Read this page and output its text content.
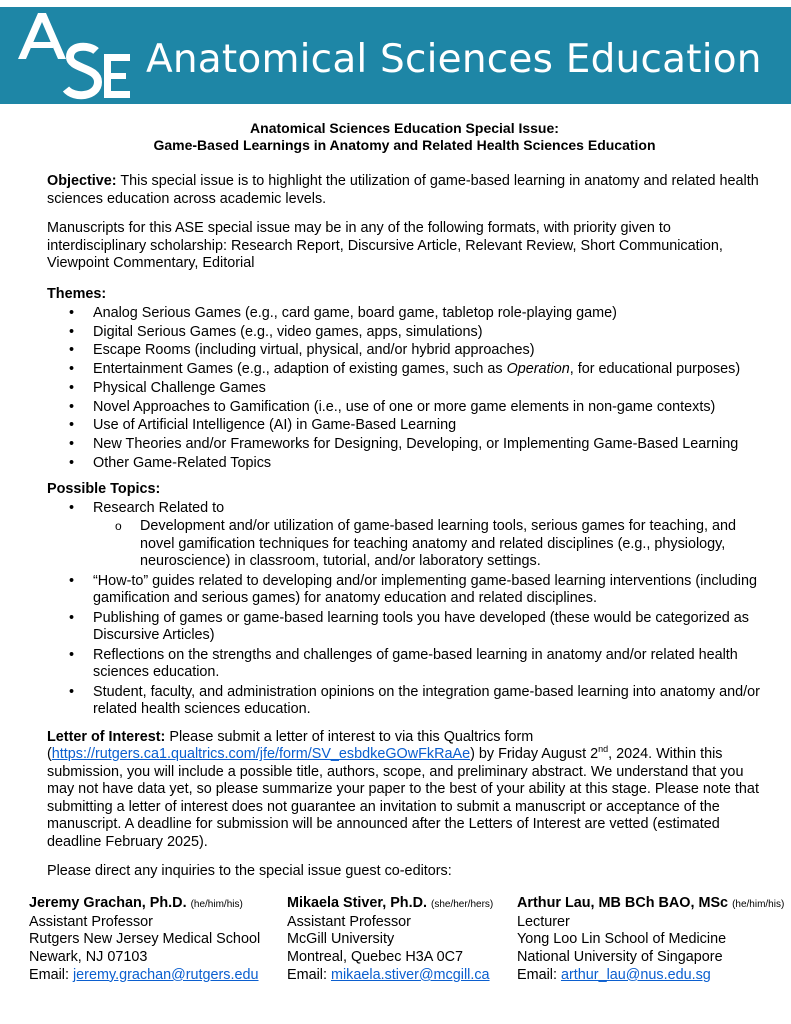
Anatomical Sciences Education
Anatomical Sciences Education Special Issue:
Game-Based Learnings in Anatomy and Related Health Sciences Education

Objective: This special issue is to highlight the utilization of game-based learning in anatomy and related health sciences education across academic levels.

Manuscripts for this ASE special issue may be in any of the following formats, with priority given to interdisciplinary scholarship: Research Report, Discursive Article, Relevant Review, Short Communication, Viewpoint Commentary, Editorial

Themes:

• Analog Serious Games (e.g., card game, board game, tabletop role-playing game)
• Digital Serious Games (e.g., video games, apps, simulations)
• Escape Rooms (including virtual, physical, and/or hybrid approaches)
• Entertainment Games (e.g., adaption of existing games, such as Operation, for educational purposes)
• Physical Challenge Games
• Novel Approaches to Gamification (i.e., use of one or more game elements in non-game contexts)
• Use of Artificial Intelligence (AI) in Game-Based Learning
• New Theories and/or Frameworks for Designing, Developing, or Implementing Game-Based Learning
• Other Game-Related Topics

Possible Topics:

• Research Related to
o Development and/or utilization of game-based learning tools, serious games for teaching, and novel gamification techniques for teaching anatomy and related disciplines (e.g., physiology, neuroscience) in classroom, tutorial, and/or laboratory settings.
• “How-to” guides related to developing and/or implementing game-based learning interventions (including gamification and serious games) for anatomy education and related disciplines.
• Publishing of games or game-based learning tools you have developed (these would be categorized as Discursive Articles)
• Reflections on the strengths and challenges of game-based learning in anatomy and/or related health sciences education.
• Student, faculty, and administration opinions on the integration game-based learning into anatomy and/or related health sciences education.

Letter of Interest: Please submit a letter of interest to via this Qualtrics form (https://rutgers.ca1.qualtrics.com/jfe/form/SV_esbdkeGOwFkRaAe) by Friday August 2nd, 2024. Within this submission, you will include a possible title, authors, scope, and preliminary abstract. We understand that you may not have data yet, so please summarize your paper to the best of your ability at this stage. Please note that submitting a letter of interest does not guarantee an invitation to submit a manuscript or acceptance of the manuscript. A deadline for submission will be announced after the Letters of Interest are vetted (estimated deadline February 2025).

Please direct any inquiries to the special issue guest co-editors:

Jeremy Grachan, Ph.D. (he/him/his)
Assistant Professor
Rutgers New Jersey Medical School
Newark, NJ 07103
Email: jeremy.grachan@rutgers.edu
Mikaela Stiver, Ph.D. (she/her/hers)
Assistant Professor
McGill University
Montreal, Quebec H3A 0C7
Email: mikaela.stiver@mcgill.ca
Arthur Lau, MB BCh BAO, MSc (he/him/his)
Lecturer
Yong Loo Lin School of Medicine
National University of Singapore
Email: arthur_lau@nus.edu.sg
